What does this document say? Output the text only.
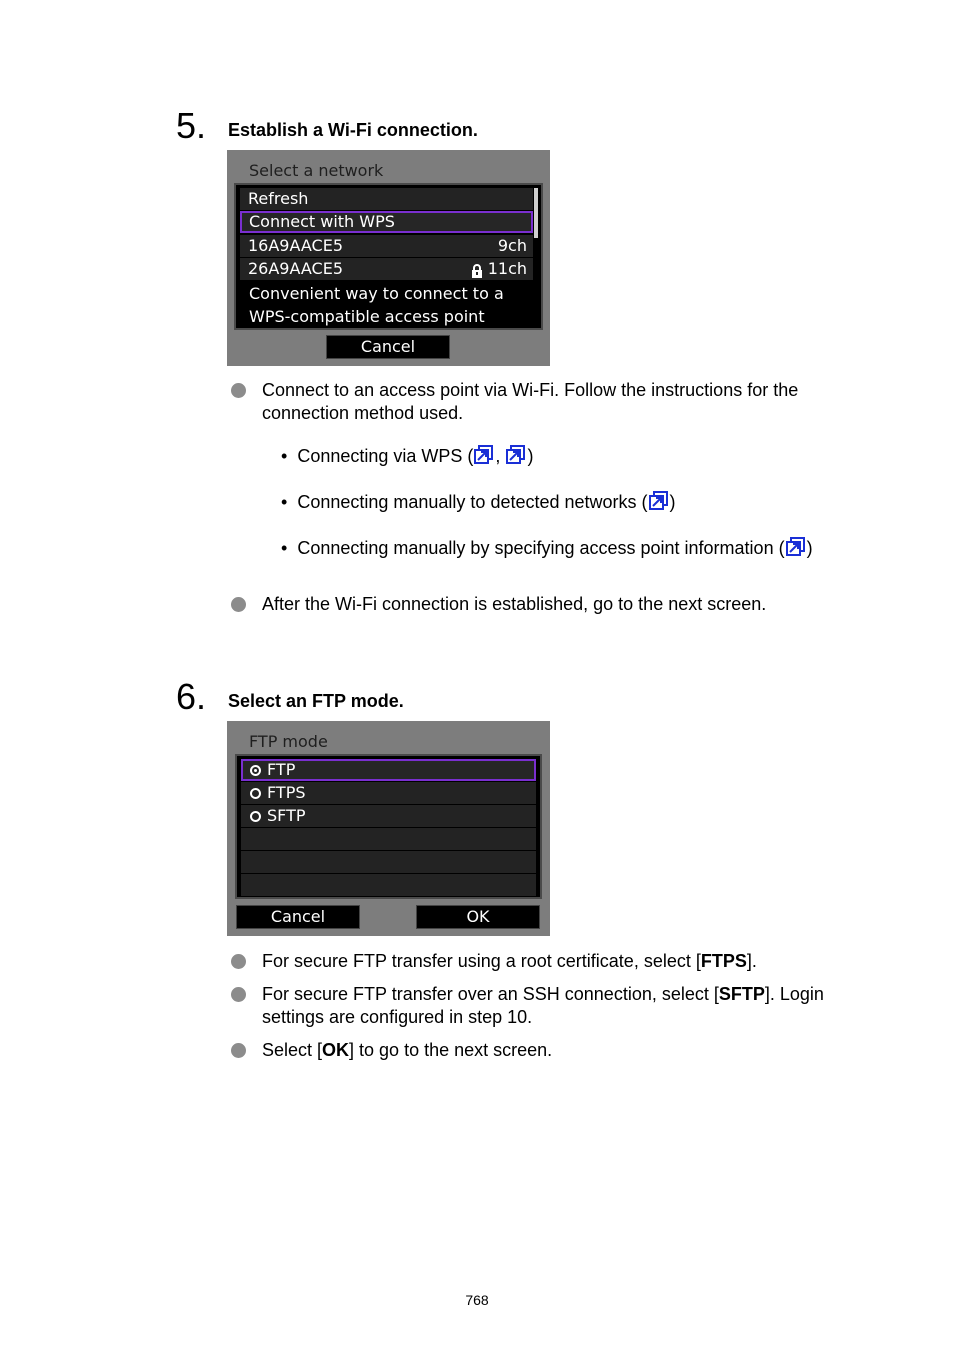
5. Establish a Wi-Fi connection.
Select a network
Refresh
Connect with WPS
16A9AACE5	9ch
26A9AACE5	11ch
Convenient way to connect to a
WPS-compatible access point
Cancel
Connect to an access point via Wi-Fi. Follow the instructions for the
connection method used.
• Connecting via WPS ( , )
• Connecting manually to detected networks ( )
• Connecting manually by specifying access point information ( )
After the Wi-Fi connection is established, go to the next screen.
6. Select an FTP mode.
FTP mode
FTP
FTPS
SFTP
Cancel	OK
For secure FTP transfer using a root certificate, select [FTPS].
For secure FTP transfer over an SSH connection, select [SFTP]. Login
settings are configured in step 10.
Select [OK] to go to the next screen.
768
